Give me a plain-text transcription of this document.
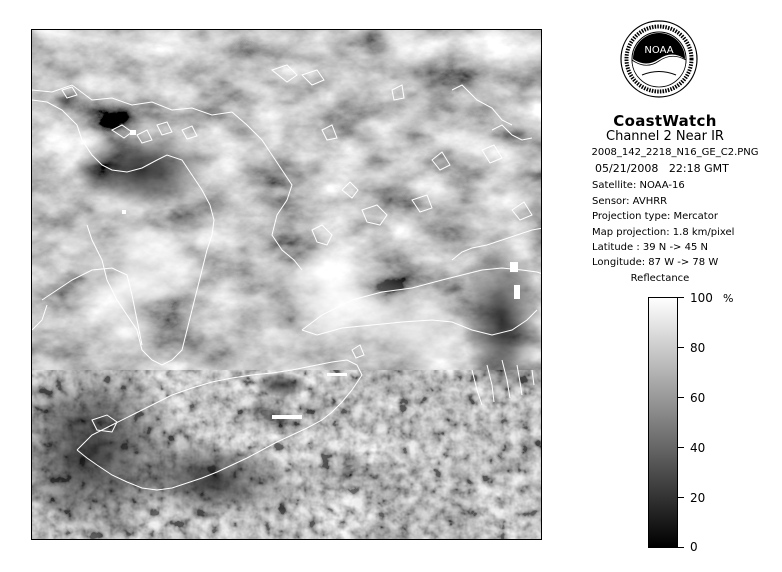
NOAA
CoastWatch
Channel 2 Near IR
2008_142_2218_N16_GE_C2.PNG
05/21/2008 22:18 GMT
Satellite: NOAA-16
Sensor: AVHRR
Projection type: Mercator
Map projection: 1.8 km/pixel
Latitude : 39 N -> 45 N
Longitude: 87 W -> 78 W
Reflectance
%
100
80
60
40
20
0
